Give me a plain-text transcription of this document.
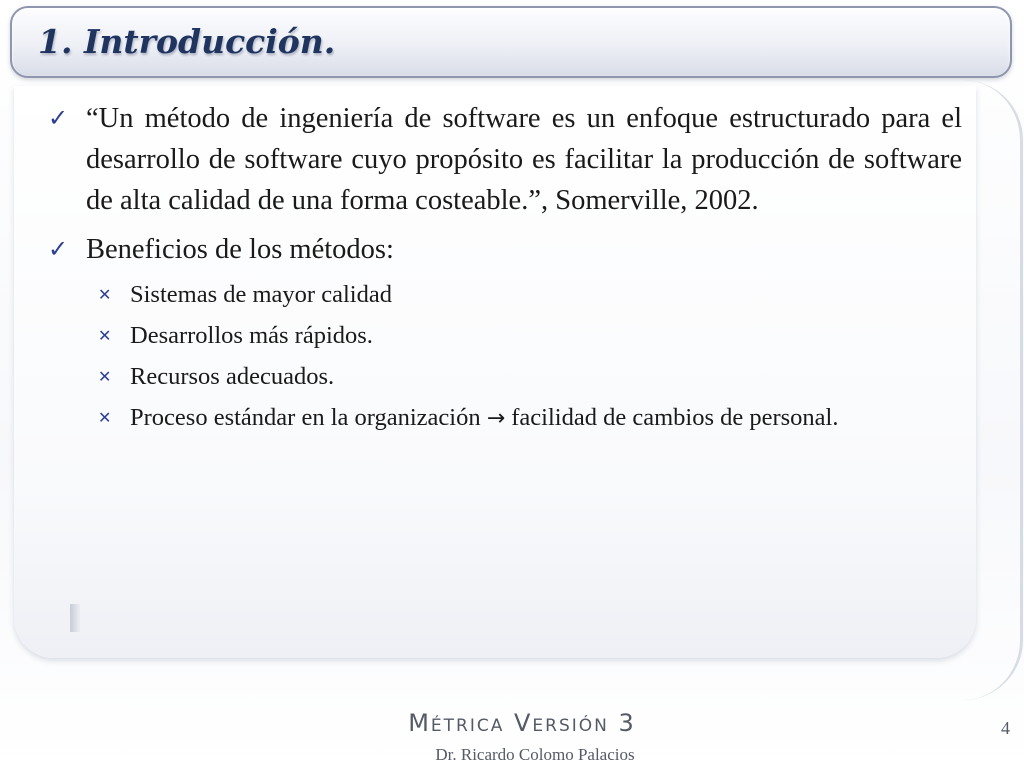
1. Introducción.
✓ “Un método de ingeniería de software es un enfoque estructurado para el desarrollo de software cuyo propósito es facilitar la producción de software de alta calidad de una forma costeable.”, Somerville, 2002.
✓ Beneficios de los métodos:
✕ Sistemas de mayor calidad
✕ Desarrollos más rápidos.
✕ Recursos adecuados.
✕ Proceso estándar en la organización → facilidad de cambios de personal.
Métrica Versión 3
Dr. Ricardo Colomo Palacios
4
